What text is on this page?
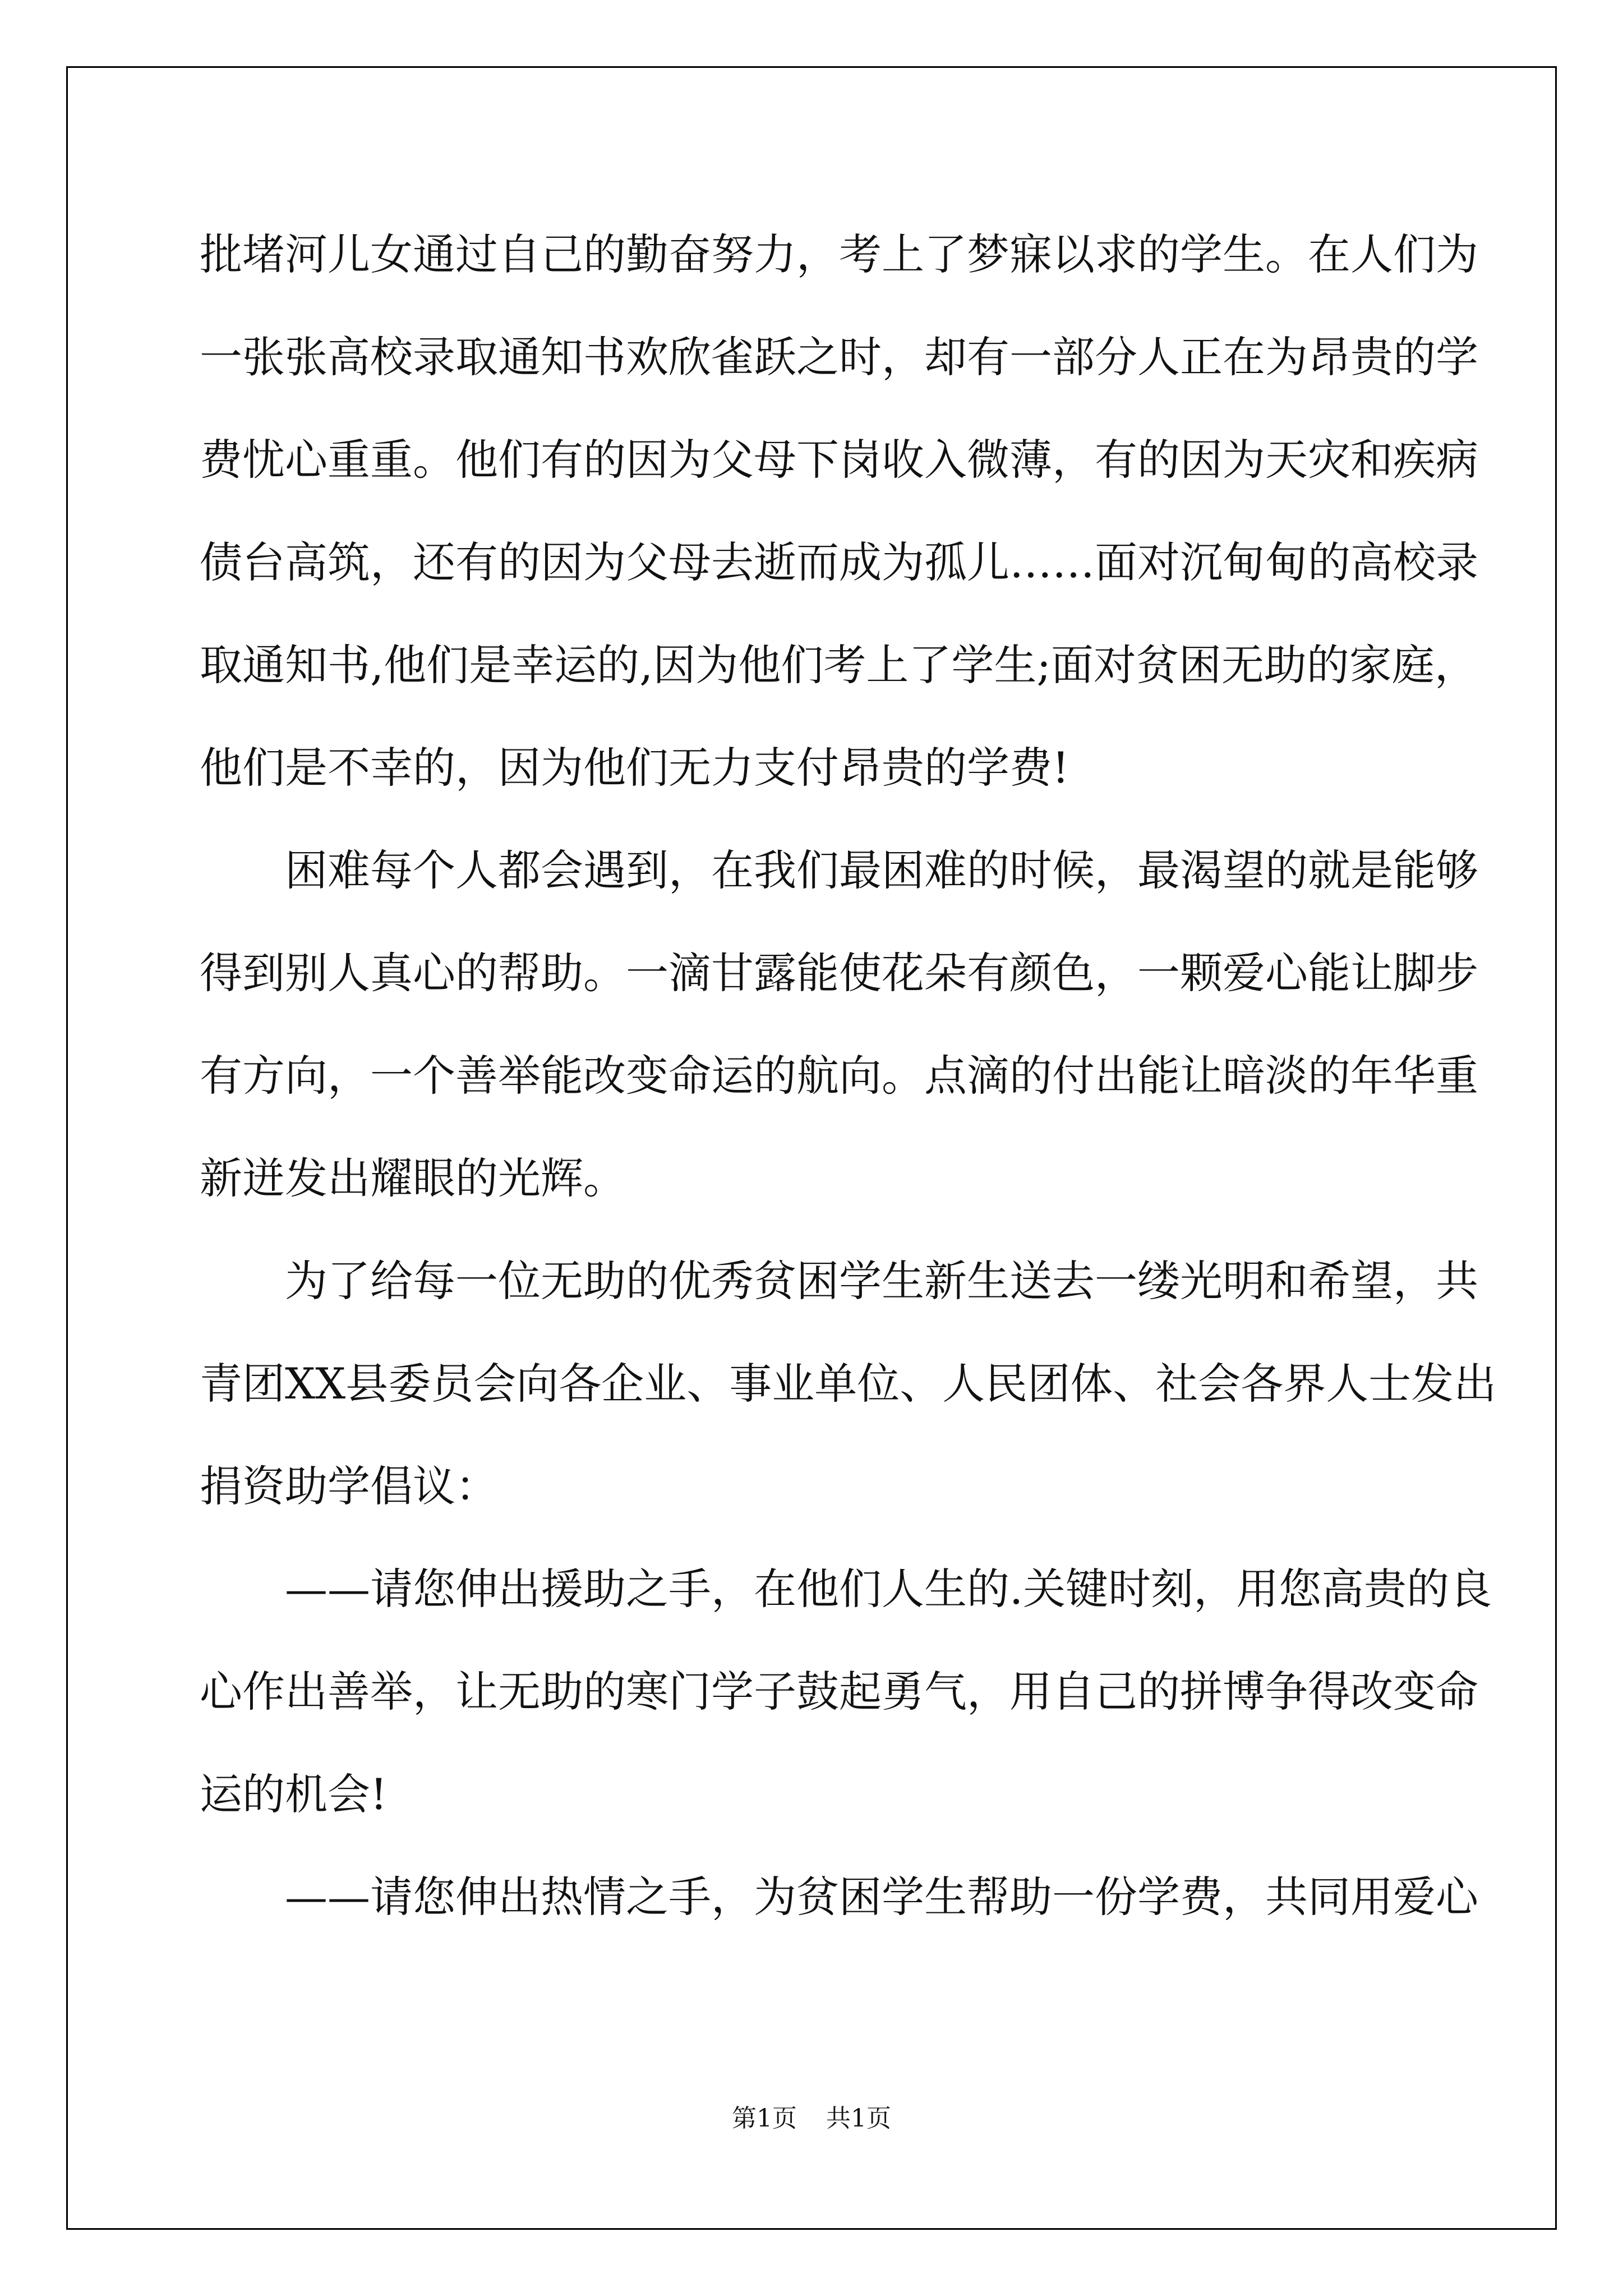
批堵河儿女通过自己的勤奋努力，考上了梦寐以求的学生。在人们为
一张张高校录取通知书欢欣雀跃之时，却有一部分人正在为昂贵的学
费忧心重重。他们有的因为父母下岗收入微薄，有的因为天灾和疾病
债台高筑，还有的因为父母去逝而成为孤儿……面对沉甸甸的高校录
取通知书,他们是幸运的,因为他们考上了学生;面对贫困无助的家庭，
他们是不幸的，因为他们无力支付昂贵的学费!
困难每个人都会遇到，在我们最困难的时候，最渴望的就是能够
得到别人真心的帮助。一滴甘露能使花朵有颜色，一颗爱心能让脚步
有方向，一个善举能改变命运的航向。点滴的付出能让暗淡的年华重
新迸发出耀眼的光辉。
为了给每一位无助的优秀贫困学生新生送去一缕光明和希望，共
青团XX县委员会向各企业、事业单位、人民团体、社会各界人士发出
捐资助学倡议：
——请您伸出援助之手，在他们人生的.关键时刻，用您高贵的良
心作出善举，让无助的寒门学子鼓起勇气，用自己的拼博争得改变命
运的机会!
——请您伸出热情之手，为贫困学生帮助一份学费，共同用爱心
第1页 共1页
